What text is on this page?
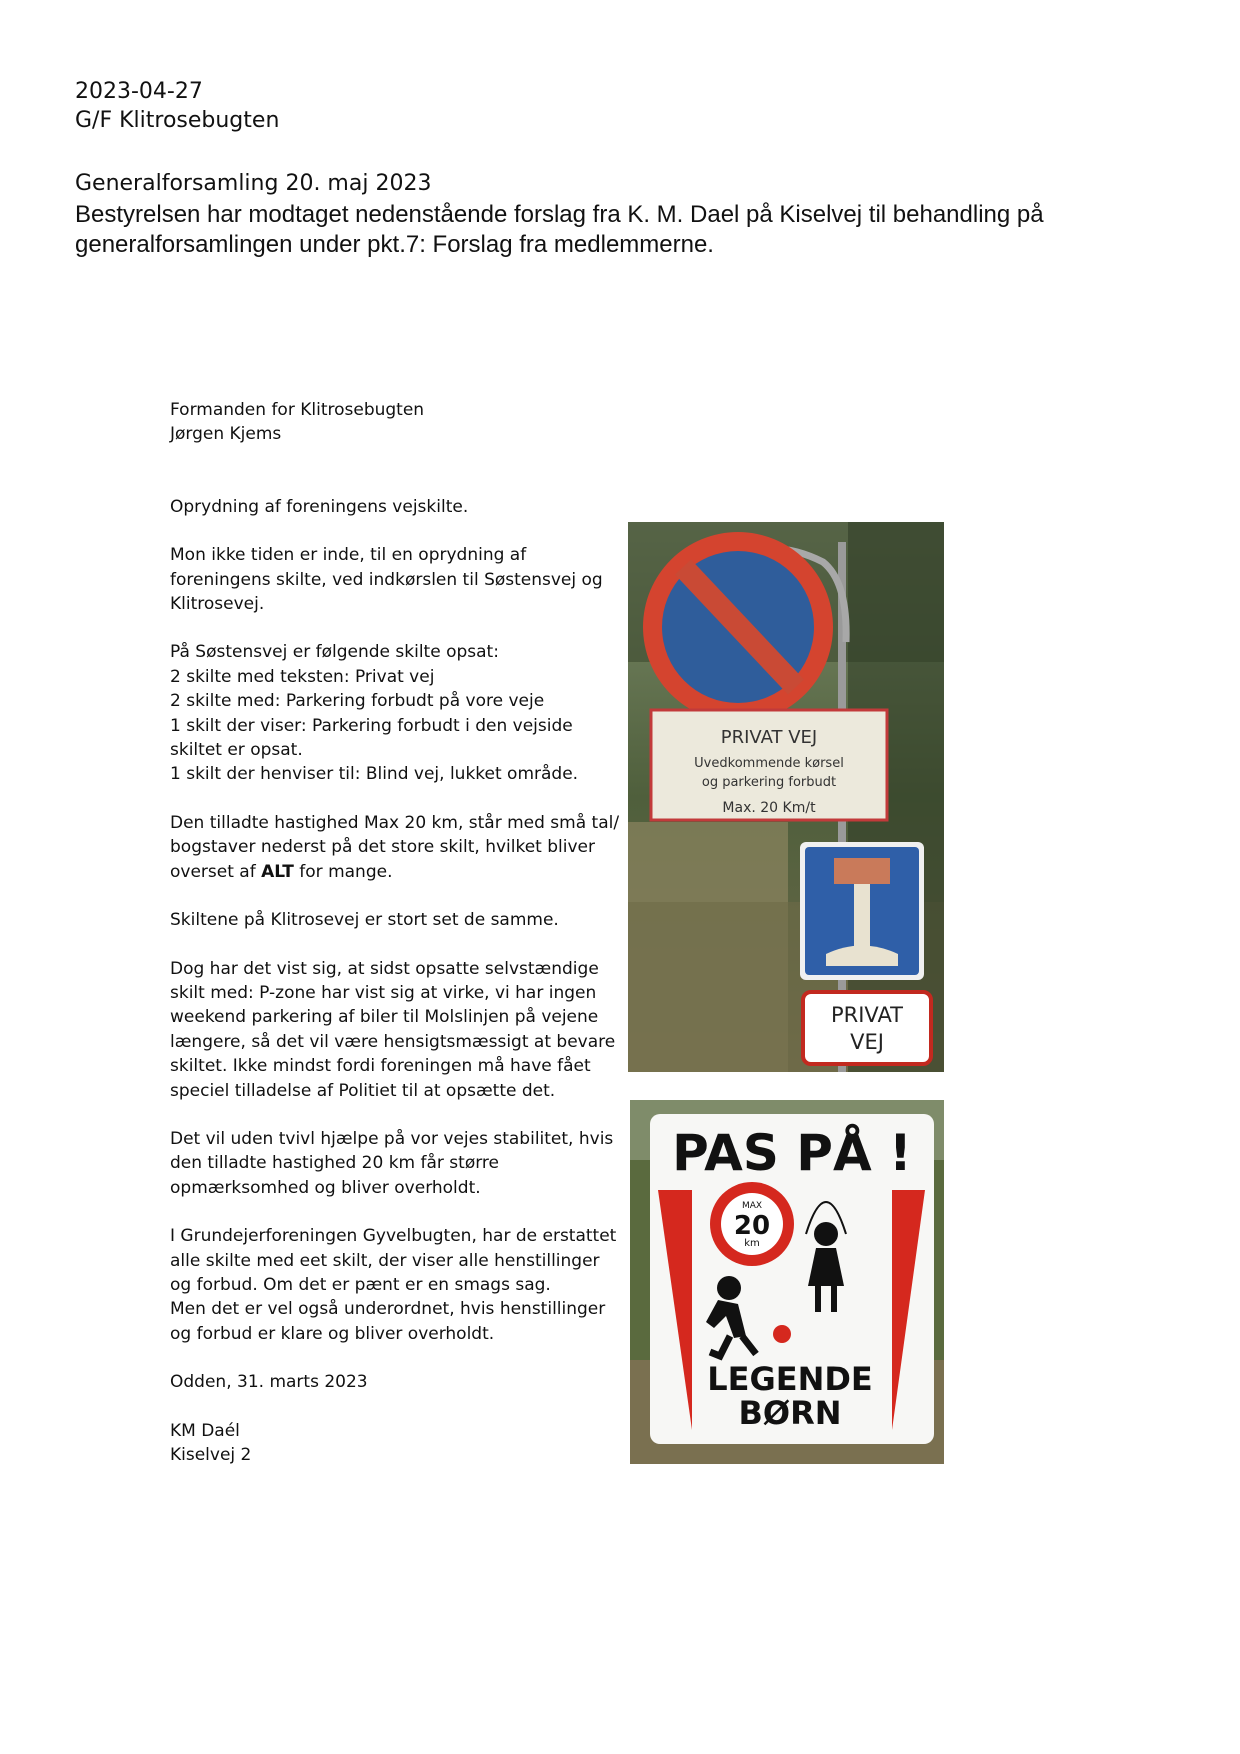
2023-04-27
G/F Klitrosebugten
Generalforsamling 20. maj 2023
Bestyrelsen har modtaget nedenstående forslag fra K. M. Dael på Kiselvej til behandling på generalforsamlingen under pkt.7: Forslag fra medlemmerne.

Formanden for Klitrosebugten

Jørgen Kjems

Oprydning af foreningens vejskilte.

Mon ikke tiden er inde, til en oprydning af foreningens skilte, ved indkørslen til Søstensvej og Klitrosevej.

På Søstensvej er følgende skilte opsat:

2 skilte med teksten: Privat vej

2 skilte med: Parkering forbudt på vore veje

1 skilt der viser: Parkering forbudt i den vejside skiltet er opsat.

1 skilt der henviser til: Blind vej, lukket område.

Den tilladte hastighed Max 20 km, står med små tal/ bogstaver nederst på det store skilt, hvilket bliver overset af ALT for mange.

Skiltene på Klitrosevej er stort set de samme.

Dog har det vist sig, at sidst opsatte selvstændige skilt med: P-zone har vist sig at virke, vi har ingen weekend parkering af biler til Molslinjen på vejene længere, så det vil være hensigtsmæssigt at bevare skiltet. Ikke mindst fordi foreningen må have fået speciel tilladelse af Politiet til at opsætte det.

Det vil uden tvivl hjælpe på vor vejes stabilitet, hvis den tilladte hastighed 20 km får større opmærksomhed og bliver overholdt.

I Grundejerforeningen Gyvelbugten, har de erstattet alle skilte med eet skilt, der viser alle henstillinger og forbud. Om det er pænt er en smags sag.

Men det er vel også underordnet, hvis henstillinger og forbud er klare og bliver overholdt.

Odden, 31. marts 2023

KM Daél

Kiselvej 2

PRIVAT VEJ
Uvedkommende kørsel
og parkering forbudt
Max. 20 Km/t
PRIVAT
VEJ
PAS PÅ !
MAX
20
km
LEGENDE
BØRN
